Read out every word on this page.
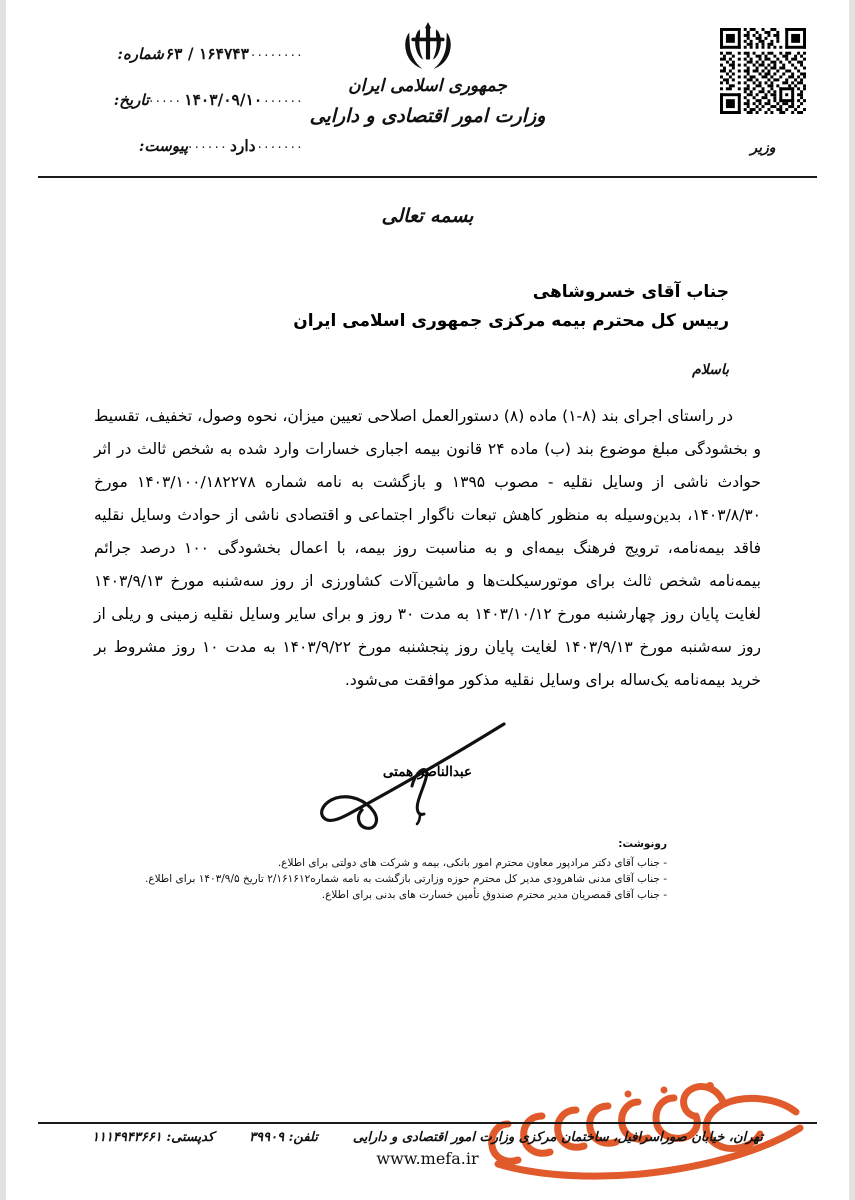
........۱۶۴۷۴۳ / ۶۳شماره:
......۱۴۰۳/۰۹/۱۰.....تاریخ:
.......دارد......پیوست:
جمهوری اسلامی ایران
وزارت امور اقتصادی و دارایی
وزیر
بسمه تعالی
جناب آقای خسروشاهی
رییس کل محترم بیمه مرکزی جمهوری اسلامی ایران
باسلام

در راستای اجرای بند (۸-۱) ماده (۸) دستورالعمل اصلاحی تعیین میزان، نحوه وصول، تخفیف، تقسیط و بخشودگی مبلغ موضوع بند (ب) ماده ۲۴ قانون بیمه اجباری خسارات وارد شده به شخص ثالث در اثر حوادث ناشی از وسایل نقلیه - مصوب ۱۳۹۵ و بازگشت به نامه شماره ۱۴۰۳/۱۰۰/۱۸۲۲۷۸ مورخ ۱۴۰۳/۸/۳۰، بدین‌وسیله به منظور کاهش تبعات ناگوار اجتماعی و اقتصادی ناشی از حوادث وسایل نقلیه فاقد بیمه‌نامه، ترویج فرهنگ بیمه‌ای و به مناسبت روز بیمه، با اعمال بخشودگی ۱۰۰ درصد جرائم بیمه‌نامه شخص ثالث برای موتورسیکلت‌ها و ماشین‌آلات کشاورزی از روز سه‌شنبه مورخ ۱۴۰۳/۹/۱۳ لغایت پایان روز چهارشنبه مورخ ۱۴۰۳/۱۰/۱۲ به مدت ۳۰ روز و برای سایر وسایل نقلیه زمینی و ریلی از روز سه‌شنبه مورخ ۱۴۰۳/۹/۱۳ لغایت پایان روز پنجشنبه مورخ ۱۴۰۳/۹/۲۲ به مدت ۱۰ روز مشروط بر خرید بیمه‌نامه یک‌ساله برای وسایل نقلیه مذکور موافقت می‌شود.

عبدالناصر همتی
رونوشت:
- جناب آقای دکتر مرادپور معاون محترم امور بانکی، بیمه و شرکت های دولتی برای اطلاع.
- جناب آقای مدنی شاهرودی مدیر کل محترم حوزه وزارتی بازگشت به نامه شماره۲/۱۶۱۶۱۲ تاریخ ۱۴۰۳/۹/۵ برای اطلاع.
- جناب آقای قمصریان مدیر محترم صندوق تأمین خسارت های بدنی برای اطلاع.
تهران، خیابان صوراسرافیل، ساختمان مرکزی وزارت امور اقتصادی و دارایی  تلفن: ۳۹۹۰۹  کدپستی: ۱۱۱۴۹۴۳۶۶۱
www.mefa.ir
